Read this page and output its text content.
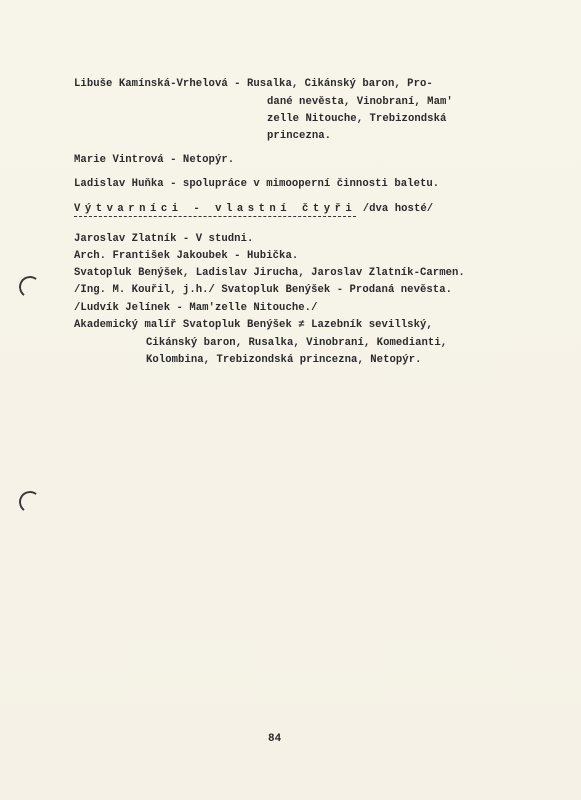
Libuše Kamínská-Vrhelová - Rusalka, Cikánský baron, Pro-
dané nevěsta, Vinobraní, Mam'
zelle Nitouche, Trebizondská
princezna.
Marie Vintrová - Netopýr.
Ladislav Huňka - spolupráce v mimooperní činnosti baletu.
Výtvarníci - vlastní čtyři /dva hosté/
Jaroslav Zlatník - V studni.
Arch. František Jakoubek - Hubička.
Svatopluk Benýšek, Ladislav Jirucha, Jaroslav Zlatník-Carmen.
/Ing. M. Kouřil, j.h./ Svatopluk Benýšek - Prodaná nevěsta.
/Ludvík Jelínek - Mam'zelle Nitouche./
Akademický malíř Svatopluk Benýšek ≠ Lazebník sevillský,
Cikánský baron, Rusalka, Vinobraní, Komedianti,
Kolombina, Trebizondská princezna, Netopýr.
84
